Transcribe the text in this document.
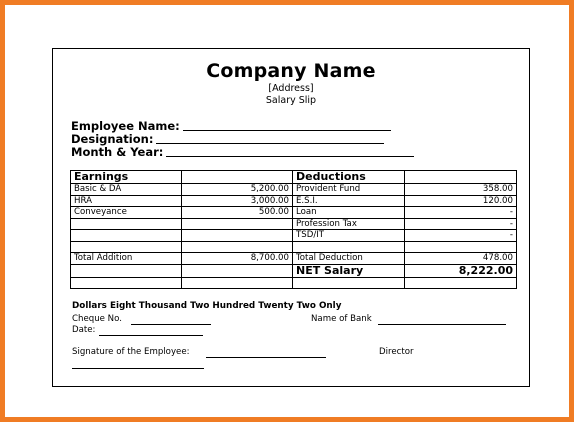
Company Name
[Address]
Salary Slip
Employee Name:
Designation:
Month & Year:
Earnings		Deductions	
Basic & DA	5,200.00	Provident Fund	358.00
HRA	3,000.00	E.S.I.	120.00
Conveyance	500.00	Loan	-
		Profession Tax	-
		TSD/IT	-

Total Addition	8,700.00	Total Deduction	478.00
		NET Salary	8,222.00

Dollars Eight Thousand Two Hundred Twenty Two Only
Cheque No.	Name of Bank
Date:
Signature of the Employee:	Director
